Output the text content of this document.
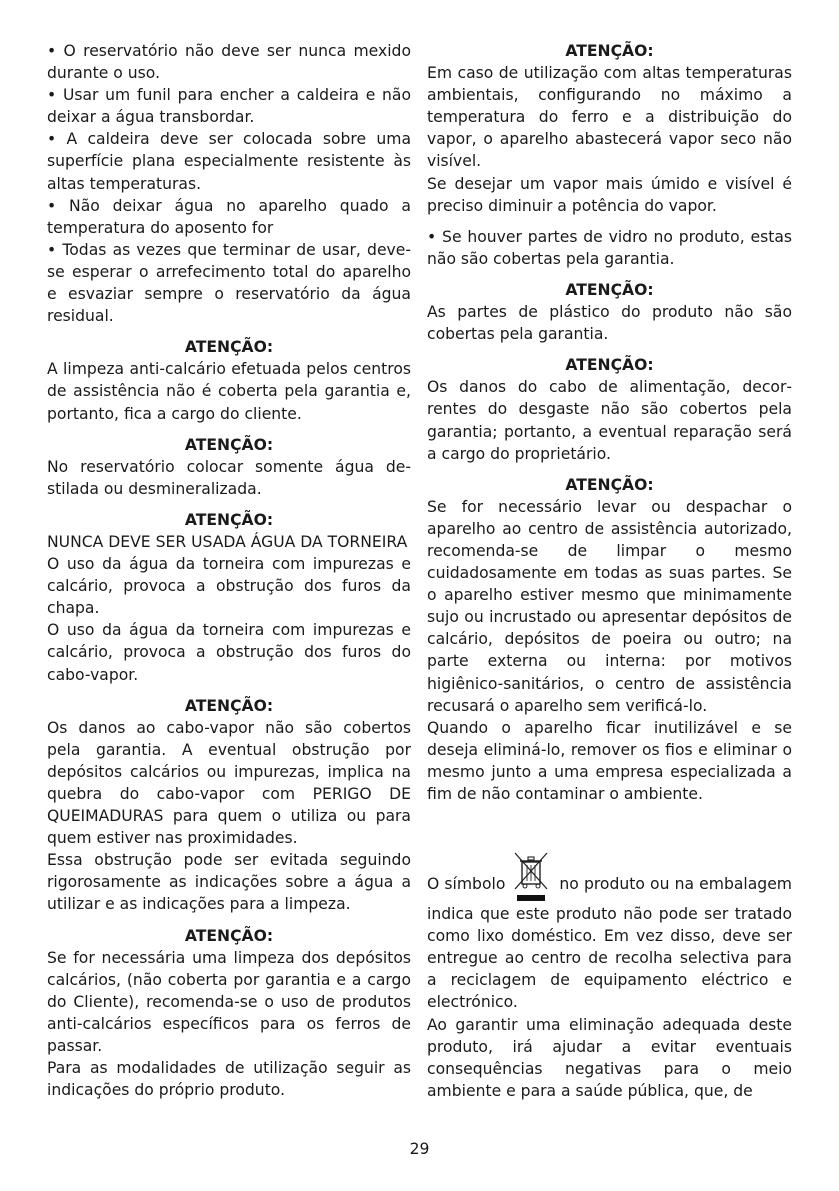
• O reservatório não deve ser nunca mexido durante o uso.

• Usar um funil para encher a caldeira e não deixar a água transbordar.

• A caldeira deve ser colocada sobre uma superfície plana especialmente resistente às altas temperaturas.

• Não deixar água no aparelho quado a temperatura do aposento for

• Todas as vezes que terminar de usar, deve-se esperar o arrefecimento total do aparelho e esvaziar sempre o reservatório da água residual.

ATENÇÃO:

A limpeza anti-calcário efetuada pelos centros de assistência não é coberta pela garantia e, portanto, fica a cargo do cliente.

ATENÇÃO:

No reservatório colocar somente água destilada ou desmineralizada.

ATENÇÃO:

NUNCA DEVE SER USADA ÁGUA DA TORNEIRA

O uso da água da torneira com impurezas e calcário, provoca a obstrução dos furos da chapa.

O uso da água da torneira com impurezas e calcário, provoca a obstrução dos furos do cabo-vapor.

ATENÇÃO:

Os danos ao cabo-vapor não são cobertos pela garantia. A eventual obstrução por depósitos calcários ou impurezas, implica na quebra do cabo-vapor com PERIGO DE QUEIMADURAS para quem o utiliza ou para quem estiver nas proximidades.

Essa obstrução pode ser evitada seguindo rigorosamente as indicações sobre a água a utilizar e as indicações para a limpeza.

ATENÇÃO:

Se for necessária uma limpeza dos depósitos calcários, (não coberta por garantia e a cargo do Cliente), recomenda-se o uso de produtos anti-calcários específicos para os ferros de passar.

Para as modalidades de utilização seguir as indicações do próprio produto.

ATENÇÃO:

Em caso de utilização com altas temperaturas ambientais, configurando no máximo a temperatura do ferro e a distribuição do vapor, o aparelho abastecerá vapor seco não visível.

Se desejar um vapor mais úmido e visível é preciso diminuir a potência do vapor.

• Se houver partes de vidro no produto, estas não são cobertas pela garantia.

ATENÇÃO:

As partes de plástico do produto não são cobertas pela garantia.

ATENÇÃO:

Os danos do cabo de alimentação, decorrentes do desgaste não são cobertos pela garantia; portanto, a eventual reparação será a cargo do proprietário.

ATENÇÃO:

Se for necessário levar ou despachar o aparelho ao centro de assistência autorizado, recomenda-se de limpar o mesmo cuidadosamente em todas as suas partes. Se o aparelho estiver mesmo que minimamente sujo ou incrustado ou apresentar depósitos de calcário, depósitos de poeira ou outro; na parte externa ou interna: por motivos higiênico-sanitários, o centro de assistência recusará o aparelho sem verificá-lo.

Quando o aparelho ficar inutilizável e se deseja eliminá-lo, remover os fios e eliminar o mesmo junto a uma empresa especializada a fim de não contaminar o ambiente.

O símbolo	no produto ou na embalagem indica que este produto não pode ser tratado como lixo doméstico. Em vez disso, deve ser entregue ao centro de recolha selectiva para a reciclagem de equipamento eléctrico e electrónico.

Ao garantir uma eliminação adequada deste produto, irá ajudar a evitar eventuais consequências negativas para o meio ambiente e para a saúde pública, que, de

29
